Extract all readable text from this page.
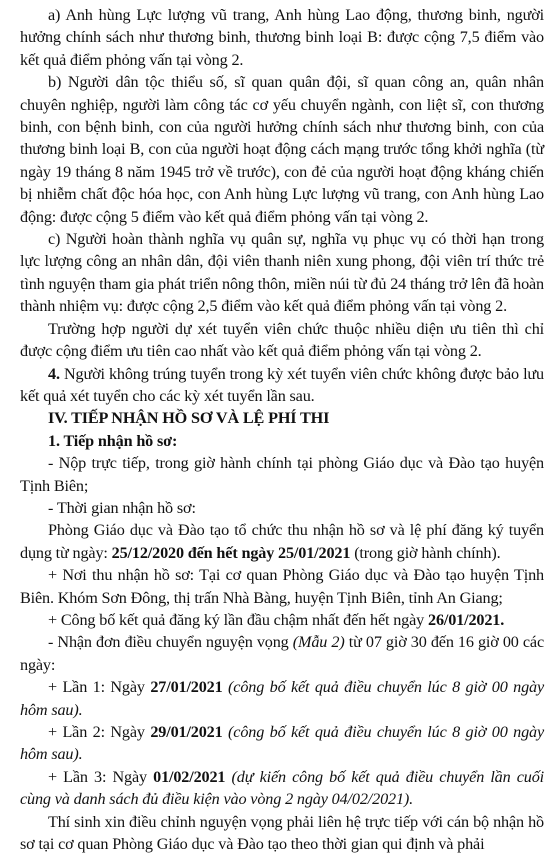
a) Anh hùng Lực lượng vũ trang, Anh hùng Lao động, thương binh, người hưởng chính sách như thương binh, thương binh loại B: được cộng 7,5 điểm vào kết quả điểm phỏng vấn tại vòng 2.

b) Người dân tộc thiểu số, sĩ quan quân đội, sĩ quan công an, quân nhân chuyên nghiệp, người làm công tác cơ yếu chuyển ngành, con liệt sĩ, con thương binh, con bệnh binh, con của người hưởng chính sách như thương binh, con của thương binh loại B, con của người hoạt động cách mạng trước tổng khởi nghĩa (từ ngày 19 tháng 8 năm 1945 trở về trước), con đẻ của người hoạt động kháng chiến bị nhiễm chất độc hóa học, con Anh hùng Lực lượng vũ trang, con Anh hùng Lao động: được cộng 5 điểm vào kết quả điểm phỏng vấn tại vòng 2.

c) Người hoàn thành nghĩa vụ quân sự, nghĩa vụ phục vụ có thời hạn trong lực lượng công an nhân dân, đội viên thanh niên xung phong, đội viên trí thức trẻ tình nguyện tham gia phát triển nông thôn, miền núi từ đủ 24 tháng trở lên đã hoàn thành nhiệm vụ: được cộng 2,5 điểm vào kết quả điểm phỏng vấn tại vòng 2.

Trường hợp người dự xét tuyển viên chức thuộc nhiều diện ưu tiên thì chỉ được cộng điểm ưu tiên cao nhất vào kết quả điểm phỏng vấn tại vòng 2.

4. Người không trúng tuyển trong kỳ xét tuyển viên chức không được bảo lưu kết quả xét tuyển cho các kỳ xét tuyển lần sau.

IV. TIẾP NHẬN HỒ SƠ VÀ LỆ PHÍ THI

1. Tiếp nhận hồ sơ:

- Nộp trực tiếp, trong giờ hành chính tại phòng Giáo dục và Đào tạo huyện Tịnh Biên;

- Thời gian nhận hồ sơ:

Phòng Giáo dục và Đào tạo tổ chức thu nhận hồ sơ và lệ phí đăng ký tuyển dụng từ ngày: 25/12/2020 đến hết ngày 25/01/2021 (trong giờ hành chính).

+ Nơi thu nhận hồ sơ: Tại cơ quan Phòng Giáo dục và Đào tạo huyện Tịnh Biên. Khóm Sơn Đông, thị trấn Nhà Bàng, huyện Tịnh Biên, tỉnh An Giang;

+ Công bố kết quả đăng ký lần đầu chậm nhất đến hết ngày 26/01/2021.

- Nhận đơn điều chuyển nguyện vọng (Mẫu 2) từ 07 giờ 30 đến 16 giờ 00 các ngày:

+ Lần 1: Ngày 27/01/2021 (công bố kết quả điều chuyển lúc 8 giờ 00 ngày hôm sau).

+ Lần 2: Ngày 29/01/2021 (công bố kết quả điều chuyển lúc 8 giờ 00 ngày hôm sau).

+ Lần 3: Ngày 01/02/2021 (dự kiến công bố kết quả điều chuyển lần cuối cùng và danh sách đủ điều kiện vào vòng 2 ngày 04/02/2021).

Thí sinh xin điều chỉnh nguyện vọng phải liên hệ trực tiếp với cán bộ nhận hồ sơ tại cơ quan Phòng Giáo dục và Đào tạo theo thời gian qui định và phải
